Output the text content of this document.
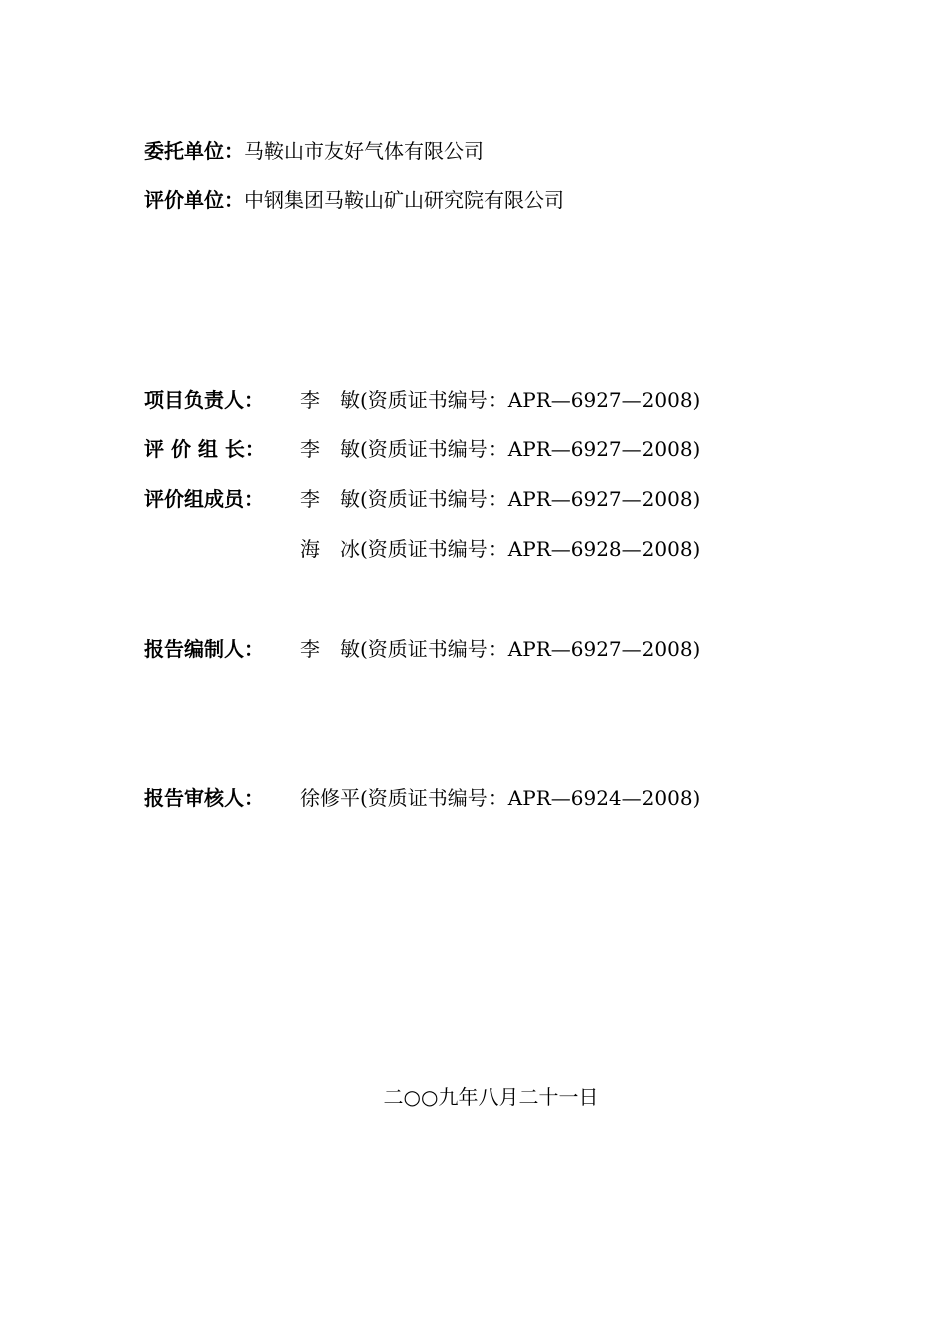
委托单位：马鞍山市友好气体有限公司
评价单位：中钢集团马鞍山矿山研究院有限公司
项目负责人： 李　敏(资质证书编号：APR—6927—2008)
评 价 组 长： 李　敏(资质证书编号：APR—6927—2008)
评价组成员： 李　敏(资质证书编号：APR—6927—2008)
海　冰(资质证书编号：APR—6928—2008)
报告编制人： 李　敏(资质证书编号：APR—6927—2008)
报告审核人： 徐修平(资质证书编号：APR—6924—2008)
二○○九年八月二十一日
